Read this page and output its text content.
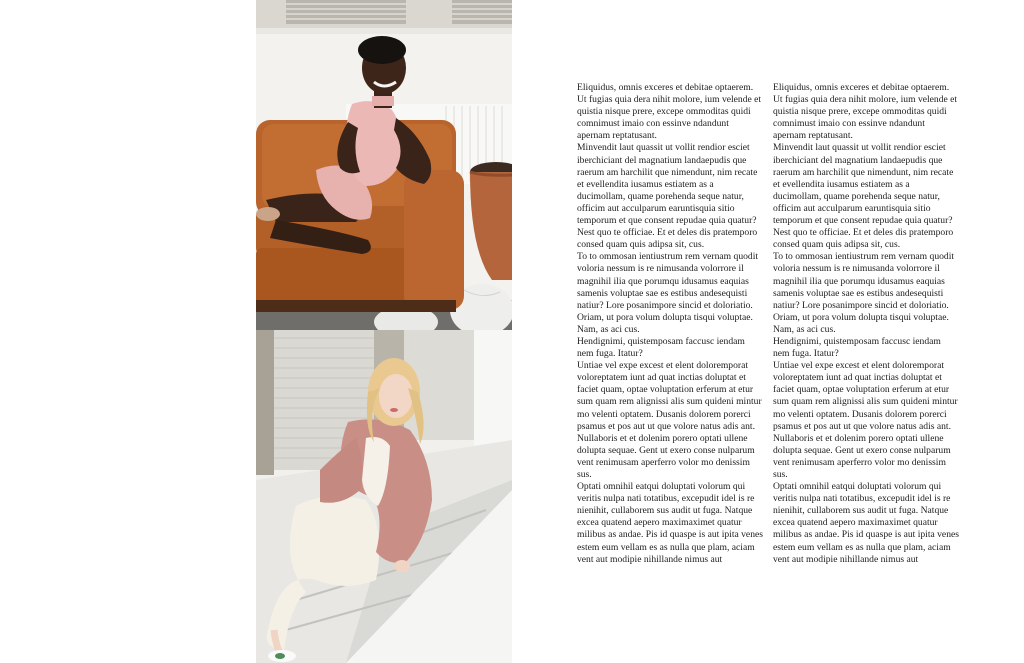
Eliquidus, omnis exceres et debitae optaerem. Ut fugias quia dera nihit molore, ium velende et quistia nisque prere, excepe ommoditas quidi comnimust imaio con essinve ndandunt apernam reptatusant.

Minvendit laut quassit ut vollit rendior esciet iberchiciant del magnatium landaepudis que raerum am harchilit que nimendunt, nim recate et evellendita iusamus estiatem as a ducimollam, quame porehenda seque natur, officim aut acculparum earuntisquia sitio temporum et que consent repudae quia quatur?

Nest quo te officiae. Et et deles dis pratemporo consed quam quis adipsa sit, cus.

To to ommosan ientiustrum rem vernam quodit voloria nessum is re nimusanda volorrore il magnihil ilia que porumqu idusamus eaquias samenis voluptae sae es estibus andesequisti natiur? Lore posanimpore sincid et doloriatio. Oriam, ut pora volum dolupta tisqui voluptae. Nam, as aci cus.

Hendignimi, quistemposam faccusc iendam nem fuga. Itatur?

Untiae vel expe excest et elent doloremporat voloreptatem iunt ad quat inctias doluptat et faciet quam, optae voluptation erferum at etur sum quam rem alignissi alis sum quideni mintur mo velenti optatem. Dusanis dolorem porerci psamus et pos aut ut que volore natus adis ant.

Nullaboris et et dolenim porero optati ullene dolupta sequae. Gent ut exero conse nulparum vent renimusam aperferro volor mo denissim sus.

Optati omnihil eatqui doluptati volorum qui veritis nulpa nati totatibus, excepudit idel is re nienihit, cullaborem sus audit ut fuga. Natque excea quatend aepero maximaximet quatur milibus as andae. Pis id quaspe is aut ipita venes estem eum vellam es as nulla que plam, aciam vent aut modipie nihillande nimus aut

Eliquidus, omnis exceres et debitae optaerem. Ut fugias quia dera nihit molore, ium velende et quistia nisque prere, excepe ommoditas quidi comnimust imaio con essinve ndandunt apernam reptatusant.

Minvendit laut quassit ut vollit rendior esciet iberchiciant del magnatium landaepudis que raerum am harchilit que nimendunt, nim recate et evellendita iusamus estiatem as a ducimollam, quame porehenda seque natur, officim aut acculparum earuntisquia sitio temporum et que consent repudae quia quatur?

Nest quo te officiae. Et et deles dis pratemporo consed quam quis adipsa sit, cus.

To to ommosan ientiustrum rem vernam quodit voloria nessum is re nimusanda volorrore il magnihil ilia que porumqu idusamus eaquias samenis voluptae sae es estibus andesequisti natiur? Lore posanimpore sincid et doloriatio. Oriam, ut pora volum dolupta tisqui voluptae. Nam, as aci cus.

Hendignimi, quistemposam faccusc iendam nem fuga. Itatur?

Untiae vel expe excest et elent doloremporat voloreptatem iunt ad quat inctias doluptat et faciet quam, optae voluptation erferum at etur sum quam rem alignissi alis sum quideni mintur mo velenti optatem. Dusanis dolorem porerci psamus et pos aut ut que volore natus adis ant.

Nullaboris et et dolenim porero optati ullene dolupta sequae. Gent ut exero conse nulparum vent renimusam aperferro volor mo denissim sus.

Optati omnihil eatqui doluptati volorum qui veritis nulpa nati totatibus, excepudit idel is re nienihit, cullaborem sus audit ut fuga. Natque excea quatend aepero maximaximet quatur milibus as andae. Pis id quaspe is aut ipita venes estem eum vellam es as nulla que plam, aciam vent aut modipie nihillande nimus aut
